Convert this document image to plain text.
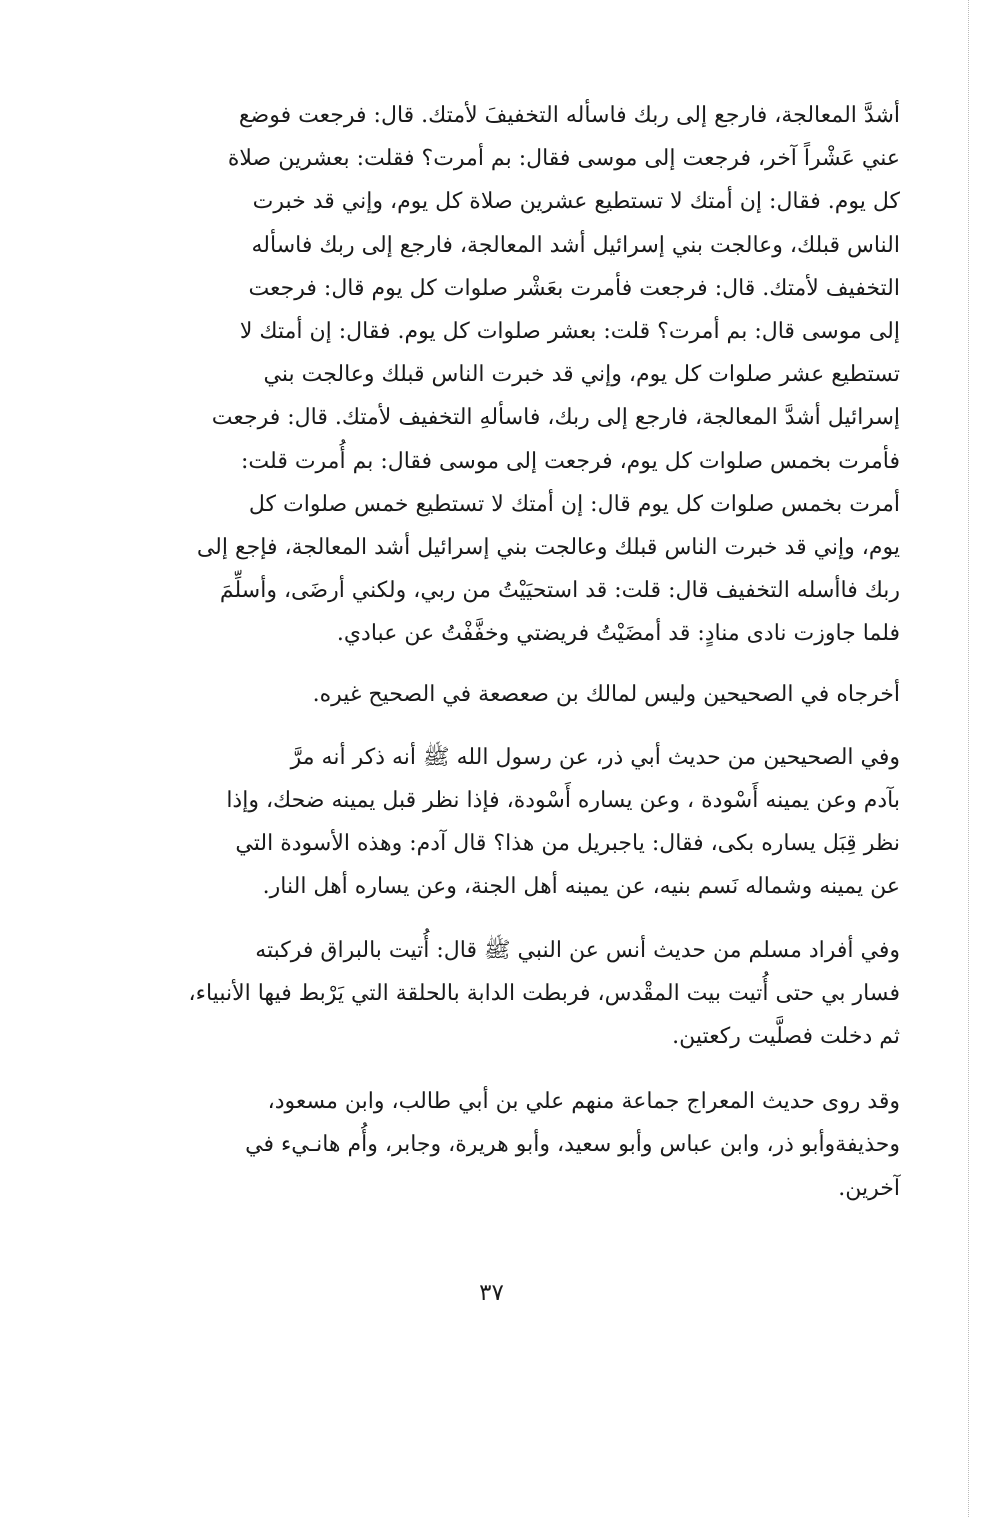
أشدَّ المعالجة، فارجع إلى ربك فاسأله التخفيفَ لأمتك. قال: فرجعت فوضع
عني عَشْراً آخر، فرجعت إلى موسى فقال: بم أمرت؟ فقلت: بعشرين صلاة
كل يوم. فقال: إن أمتك لا تستطيع عشرين صلاة كل يوم، وإني قد خبرت
الناس قبلك، وعالجت بني إسرائيل أشد المعالجة، فارجع إلى ربك فاسأله
التخفيف لأمتك. قال: فرجعت فأمرت بعَشْر صلوات كل يوم قال: فرجعت
إلى موسى قال: بم أمرت؟ قلت: بعشر صلوات كل يوم. فقال: إن أمتك لا
تستطيع عشر صلوات كل يوم، وإني قد خبرت الناس قبلك وعالجت بني
إسرائيل أشدَّ المعالجة، فارجع إلى ربك، فاسألهِ التخفيف لأمتك. قال: فرجعت
فأمرت بخمس صلوات كل يوم، فرجعت إلى موسى فقال: بم أُمرت قلت:
أمرت بخمس صلوات كل يوم قال: إن أمتك لا تستطيع خمس صلوات كل
يوم، وإني قد خبرت الناس قبلك وعالجت بني إسرائيل أشد المعالجة، فإجع إلى
ربك فاأسله التخفيف قال: قلت: قد استحيَيْتُ من ربي، ولكني أرضَى، وأسلِّمَ
فلما جاوزت نادى منادٍ: قد أمضَيْتُ فريضتي وخفَّفْتُ عن عبادي.

أخرجاه في الصحيحين وليس لمالك بن صعصعة في الصحيح غيره.

وفي الصحيحين من حديث أبي ذر، عن رسول الله ﷺ أنه ذكر أنه مرَّ
بآدم وعن يمينه أَسْودة ، وعن يساره أَسْودة، فإذا نظر قبل يمينه ضحك، وإذا
نظر قِبَل يساره بكى، فقال: ياجبريل من هذا؟ قال آدم: وهذه الأسودة التي
عن يمينه وشماله نَسم بنيه، عن يمينه أهل الجنة، وعن يساره أهل النار.

وفي أفراد مسلم من حديث أنس عن النبي ﷺ قال: أُتيت بالبراق فركبته
فسار بي حتى أُتيت بيت المقْدس، فربطت الدابة بالحلقة التي يَرْبط فيها الأنبياء،
ثم دخلت فصلَّيت ركعتين.

وقد روى حديث المعراج جماعة منهم علي بن أبي طالب، وابن مسعود،
وحذيفةوأبو ذر، وابن عباس وأبو سعيد، وأبو هريرة، وجابر، وأُم هانـيء في
آخرين.

٣٧
